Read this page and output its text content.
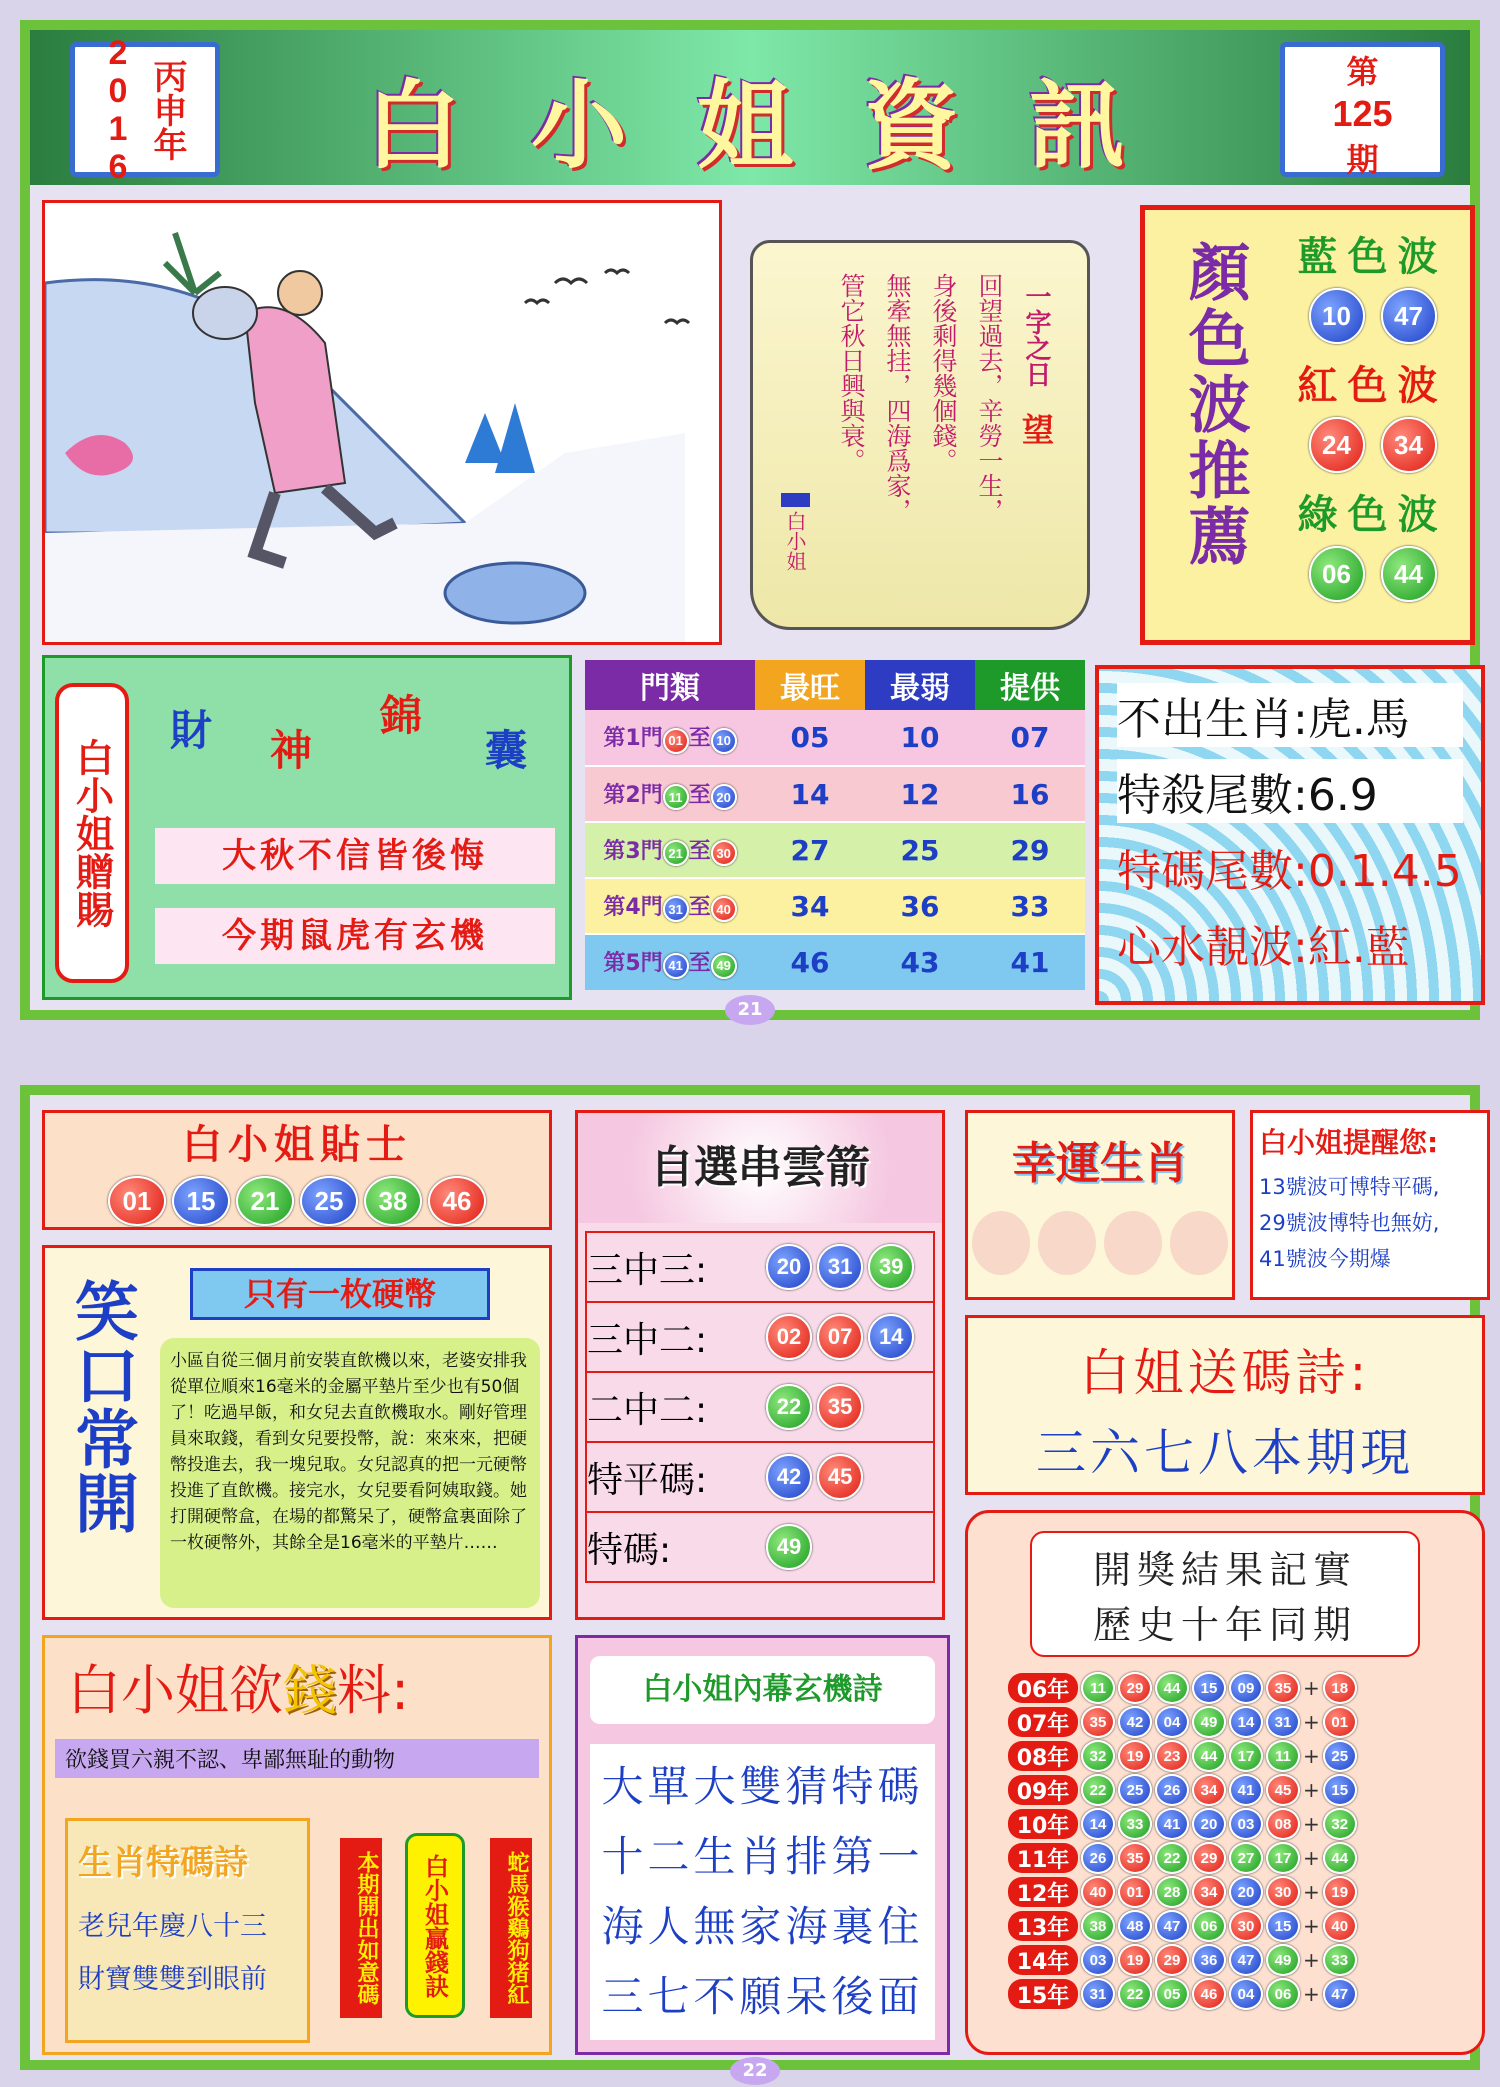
2016 丙申年	白小姐資訊	第
125
期
一字之日　望
回望過去，辛勞一生，
身後剩得幾個錢。
無牽無挂，四海爲家，
管它秋日興與衰。
白小姐	顏色波推薦	藍色波
10 47
紅色波
24 34
綠色波
06 44
白小姐贈賜
財 神
錦
囊
大秋不信皆後悔
今期鼠虎有玄機
門類	最旺	最弱	提供
第1門 01 至 10	05	10	07
第2門 11 至 20	14	12	16
第3門 21 至 30	27	25	29
第4門 31 至 40	34	36	33
第5門 41 至 49	46	43	41
不出生肖:虎.馬
特殺尾數:6.9
特碼尾數:0.1.4.5
心水靚波:紅.藍
21
白小姐貼士
01 15 21 25 38 46
笑口常開	只有一枚硬幣
小區自從三個月前安裝直飲機以來，老婆安排我從單位順來16毫米的金屬平墊片至少也有50個了！吃過早飯，和女兒去直飲機取水。剛好管理員來取錢，看到女兒要投幣，說：來來來，把硬幣投進去，我一塊兒取。女兒認真的把一元硬幣投進了直飲機。接完水，女兒要看阿姨取錢。她打開硬幣盒，在場的都驚呆了，硬幣盒裏面除了一枚硬幣外，其餘全是16毫米的平墊片……
自選串雲箭
三中三:	20 31 39
三中二:	02 07 14
二中二:	22 35
特平碼:	42 45
特碼:	49
幸運生肖	白小姐提醒您:
13號波可博特平碼,
29號波博特也無妨,
41號波今期爆
白姐送碼詩:
三六七八本期現
開獎結果記實
歷史十年同期
06年	11	29	44	15	09	35 + 18
07年	35	42	04	49	14	31 + 01
08年	32	19	23	44	17	11 + 25
09年	22	25	26	34	41	45 + 15
10年	14	33	41	20	03	08 + 32
11年	26	35	22	29	27	17 + 44
12年	40	01	28	34	20	30 + 19
13年	38	48	47	06	30	15 + 40
14年	03	19	29	36	47	49 + 33
15年	31	22	05	46	04	06 + 47
白小姐欲錢料:
欲錢買六親不認、卑鄙無耻的動物
生肖特碼詩
老兒年慶八十三
財寶雙雙到眼前	本期開出如意碼	白小姐贏錢訣	蛇馬猴鷄狗猪紅
白小姐內幕玄機詩
大單大雙猜特碼
十二生肖排第一
海人無家海裏住
三七不願呆後面
22
